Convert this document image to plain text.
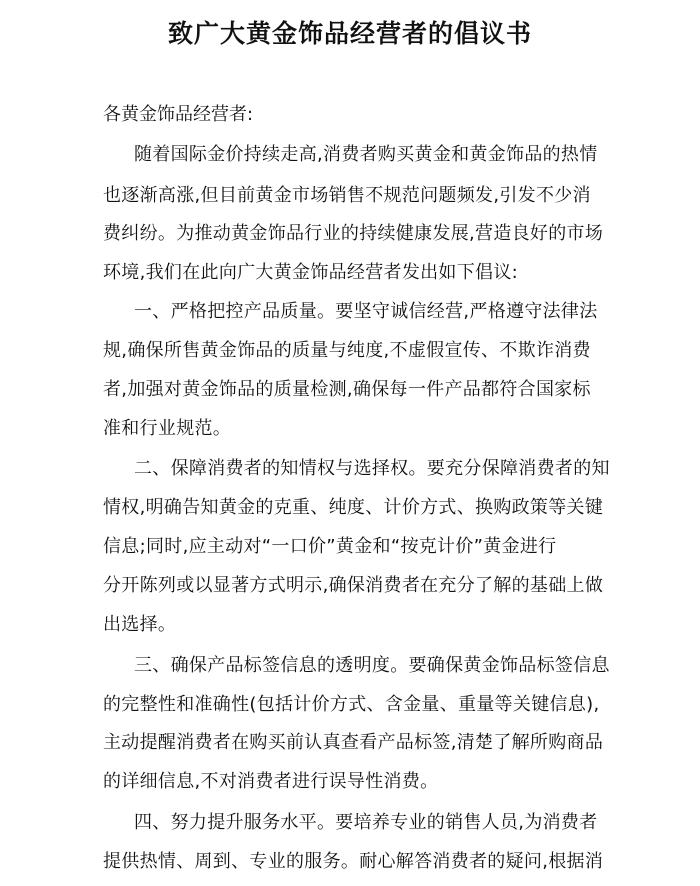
致广大黄金饰品经营者的倡议书
各黄金饰品经营者:
随着国际金价持续走高,消费者购买黄金和黄金饰品的热情
也逐渐高涨,但目前黄金市场销售不规范问题频发,引发不少消
费纠纷。为推动黄金饰品行业的持续健康发展,营造良好的市场
环境,我们在此向广大黄金饰品经营者发出如下倡议:
一、严格把控产品质量。要坚守诚信经营,严格遵守法律法
规,确保所售黄金饰品的质量与纯度,不虚假宣传、不欺诈消费
者,加强对黄金饰品的质量检测,确保每一件产品都符合国家标
准和行业规范。
二、保障消费者的知情权与选择权。要充分保障消费者的知
情权,明确告知黄金的克重、纯度、计价方式、换购政策等关键
信息;同时,应主动对“一口价”黄金和“按克计价”黄金进行
分开陈列或以显著方式明示,确保消费者在充分了解的基础上做
出选择。
三、确保产品标签信息的透明度。要确保黄金饰品标签信息
的完整性和准确性(包括计价方式、含金量、重量等关键信息),
主动提醒消费者在购买前认真查看产品标签,清楚了解所购商品
的详细信息,不对消费者进行误导性消费。
四、努力提升服务水平。要培养专业的销售人员,为消费者
提供热情、周到、专业的服务。耐心解答消费者的疑问,根据消
